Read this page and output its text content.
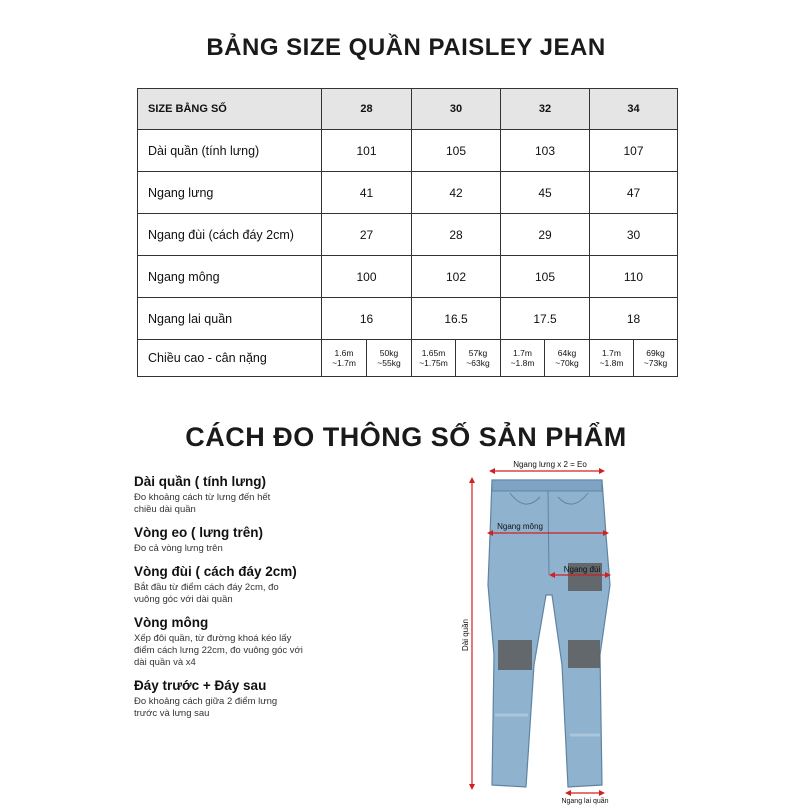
BẢNG SIZE QUẦN PAISLEY JEAN
SIZE BẰNG SỐ	28		30		32		34	
Dài quần (tính lưng)	101		105		103		107	
Ngang lưng	41		42		45		47	
Ngang đùi (cách đáy 2cm)	27		28		29		30	
Ngang mông	100		102		105		110	
Ngang lai quần	16		16.5		17.5		18	
Chiều cao - cân nặng	1.6m ~1.7m	50kg ~55kg	1.65m ~1.75m	57kg ~63kg	1.7m ~1.8m	64kg ~70kg	1.7m ~1.8m	69kg ~73kg
CÁCH ĐO THÔNG SỐ SẢN PHẨM
Dài quần ( tính lưng)
Đo khoảng cách từ lưng đến hết chiều dài quần
Vòng eo ( lưng trên)
Đo cả vòng lưng trên
Vòng đùi ( cách đáy 2cm)
Bắt đầu từ điểm cách đáy 2cm, đo vuông góc với dài quần
Vòng mông
Xếp đôi quần, từ đường khoá kéo lấy điểm cách lưng 22cm, đo vuông góc với dài quần và x4
Đáy trước + Đáy sau
Đo khoảng cách giữa 2 điểm lưng trước và lưng sau
Ngang lưng x 2 = Eo
Ngang mông
Ngang đùi
Dài quần
Ngang lai quần
